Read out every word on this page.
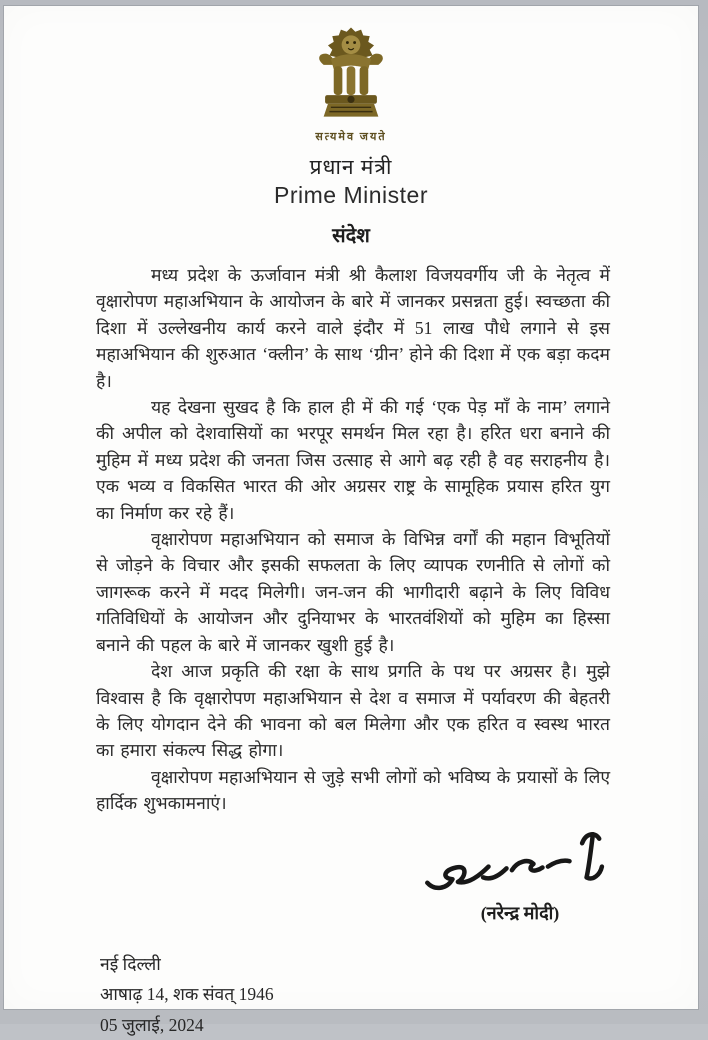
सत्यमेव जयते
प्रधान मंत्री
Prime Minister
संदेश

मध्य प्रदेश के ऊर्जावान मंत्री श्री कैलाश विजयवर्गीय जी के नेतृत्व में वृक्षारोपण महाअभियान के आयोजन के बारे में जानकर प्रसन्नता हुई। स्वच्छता की दिशा में उल्लेखनीय कार्य करने वाले इंदौर में 51 लाख पौधे लगाने से इस महाअभियान की शुरुआत ‘क्लीन’ के साथ ‘ग्रीन’ होने की दिशा में एक बड़ा कदम है।

यह देखना सुखद है कि हाल ही में की गई ‘एक पेड़ माँ के नाम’ लगाने की अपील को देशवासियों का भरपूर समर्थन मिल रहा है। हरित धरा बनाने की मुहिम में मध्य प्रदेश की जनता जिस उत्साह से आगे बढ़ रही है वह सराहनीय है। एक भव्य व विकसित भारत की ओर अग्रसर राष्ट्र के सामूहिक प्रयास हरित युग का निर्माण कर रहे हैं।

वृक्षारोपण महाअभियान को समाज के विभिन्न वर्गों की महान विभूतियों से जोड़ने के विचार और इसकी सफलता के लिए व्यापक रणनीति से लोगों को जागरूक करने में मदद मिलेगी। जन-जन की भागीदारी बढ़ाने के लिए विविध गतिविधियों के आयोजन और दुनियाभर के भारतवंशियों को मुहिम का हिस्सा बनाने की पहल के बारे में जानकर खुशी हुई है।

देश आज प्रकृति की रक्षा के साथ प्रगति के पथ पर अग्रसर है। मुझे विश्वास है कि वृक्षारोपण महाअभियान से देश व समाज में पर्यावरण की बेहतरी के लिए योगदान देने की भावना को बल मिलेगा और एक हरित व स्वस्थ भारत का हमारा संकल्प सिद्ध होगा।

वृक्षारोपण महाअभियान से जुड़े सभी लोगों को भविष्य के प्रयासों के लिए हार्दिक शुभकामनाएं।

(नरेन्द्र मोदी)
नई दिल्ली
आषाढ़ 14, शक संवत् 1946
05 जुलाई, 2024
